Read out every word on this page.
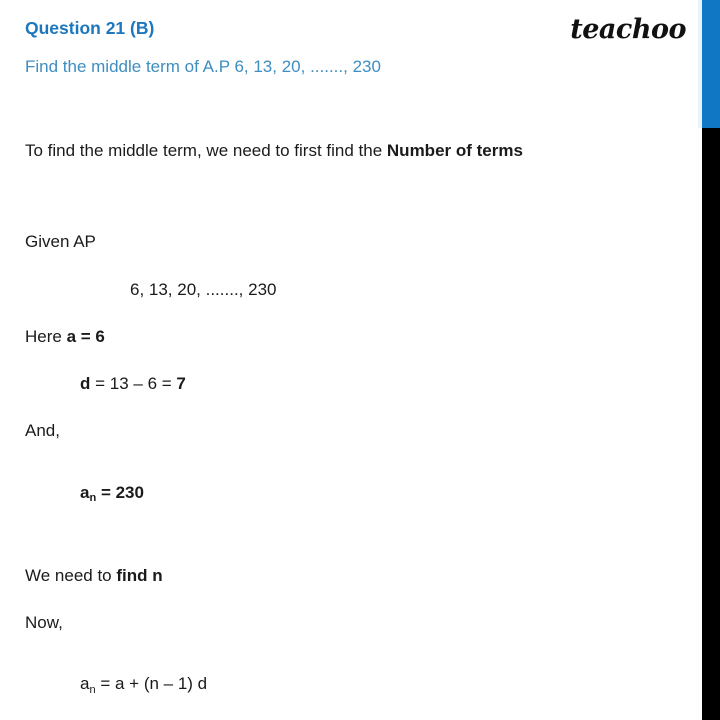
teachoo
Question 21 (B)
Find the middle term of A.P 6, 13, 20, ......., 230
To find the middle term, we need to first find the Number of terms
Given AP
6, 13, 20, ......., 230
Here a = 6
d = 13 – 6 = 7
And,
$a_n = 230$
We need to find n
Now,
$a_n = a + (n - 1)$ d
